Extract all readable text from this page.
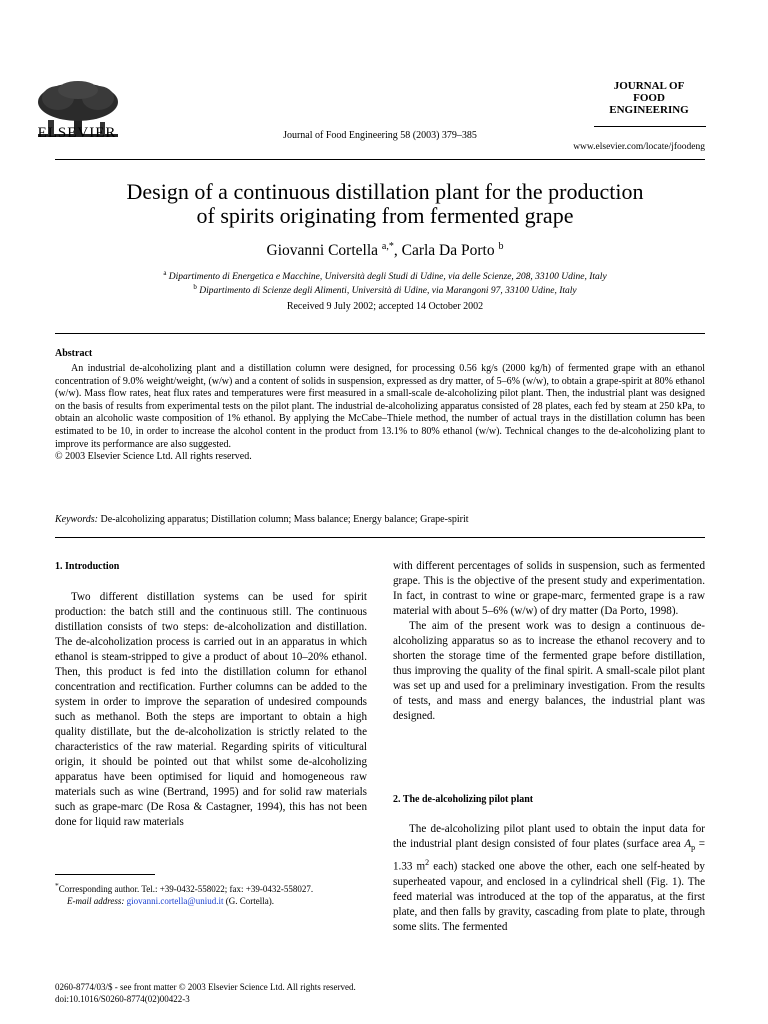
ELSEVIER	Journal of Food Engineering 58 (2003) 379–385
JOURNAL OF
FOOD
ENGINEERING
www.elsevier.com/locate/jfoodeng
Design of a continuous distillation plant for the production
of spirits originating from fermented grape
Giovanni Cortella $^{a,*}$, Carla Da Porto $^b$
$^a$ Dipartimento di Energetica e Macchine, Università degli Studi di Udine, via delle Scienze, 208, 33100 Udine, Italy
$^b$ Dipartimento di Scienze degli Alimenti, Università di Udine, via Marangoni 97, 33100 Udine, Italy
Received 9 July 2002; accepted 14 October 2002
Abstract
An industrial de-alcoholizing plant and a distillation column were designed, for processing 0.56 kg/s (2000 kg/h) of fermented grape with an ethanol concentration of 9.0% weight/weight, (w/w) and a content of solids in suspension, expressed as dry matter, of 5–6% (w/w), to obtain a grape-spirit at 80% ethanol (w/w). Mass flow rates, heat flux rates and temperatures were first measured in a small-scale de-alcoholizing pilot plant. Then, the industrial plant was designed on the basis of results from experimental tests on the pilot plant. The industrial de-alcoholizing apparatus consisted of 28 plates, each fed by steam at 250 kPa, to obtain an alcoholic waste composition of 1% ethanol. By applying the McCabe–Thiele method, the number of actual trays in the distillation column has been estimated to be 10, in order to increase the alcohol content in the product from 13.1% to 80% ethanol (w/w). Technical changes to the de-alcoholizing plant to improve its performance are also suggested.
© 2003 Elsevier Science Ltd. All rights reserved.
Keywords: De-alcoholizing apparatus; Distillation column; Mass balance; Energy balance; Grape-spirit
1. Introduction
Two different distillation systems can be used for spirit production: the batch still and the continuous still. The continuous distillation consists of two steps: de-alcoholization and distillation. The de-alcoholization process is carried out in an apparatus in which ethanol is steam-stripped to give a product of about 10–20% ethanol. Then, this product is fed into the distillation column for ethanol concentration and rectification. Further columns can be added to the system in order to improve the separation of undesired compounds such as methanol. Both the steps are important to obtain a high quality distillate, but the de-alcoholization is strictly related to the characteristics of the raw material. Regarding spirits of viticultural origin, it should be pointed out that whilst some de-alcoholizing apparatus have been optimised for liquid and homogeneous raw materials such as wine (Bertrand, 1995) and for solid raw materials such as grape-marc (De Rosa & Castagner, 1994), this has not been done for liquid raw materials
*Corresponding author. Tel.: +39-0432-558022; fax: +39-0432-558027.
E-mail address: giovanni.cortella@uniud.it (G. Cortella).
with different percentages of solids in suspension, such as fermented grape. This is the objective of the present study and experimentation. In fact, in contrast to wine or grape-marc, fermented grape is a raw material with about 5–6% (w/w) of dry matter (Da Porto, 1998).
The aim of the present work was to design a continuous de-alcoholizing apparatus so as to increase the ethanol recovery and to shorten the storage time of the fermented grape before distillation, thus improving the quality of the final spirit. A small-scale pilot plant was set up and used for a preliminary investigation. From the results of tests, and mass and energy balances, the industrial plant was designed.
2. The de-alcoholizing pilot plant
The de-alcoholizing pilot plant used to obtain the input data for the industrial plant design consisted of four plates (surface area $A_p = 1.33$ $m^2$ each) stacked one above the other, each one self-heated by superheated vapour, and enclosed in a cylindrical shell (Fig. 1). The feed material was introduced at the top of the apparatus, at the first plate, and then falls by gravity, cascading from plate to plate, through some slits. The fermented
0260-8774/03/$ - see front matter © 2003 Elsevier Science Ltd. All rights reserved.
doi:10.1016/S0260-8774(02)00422-3
